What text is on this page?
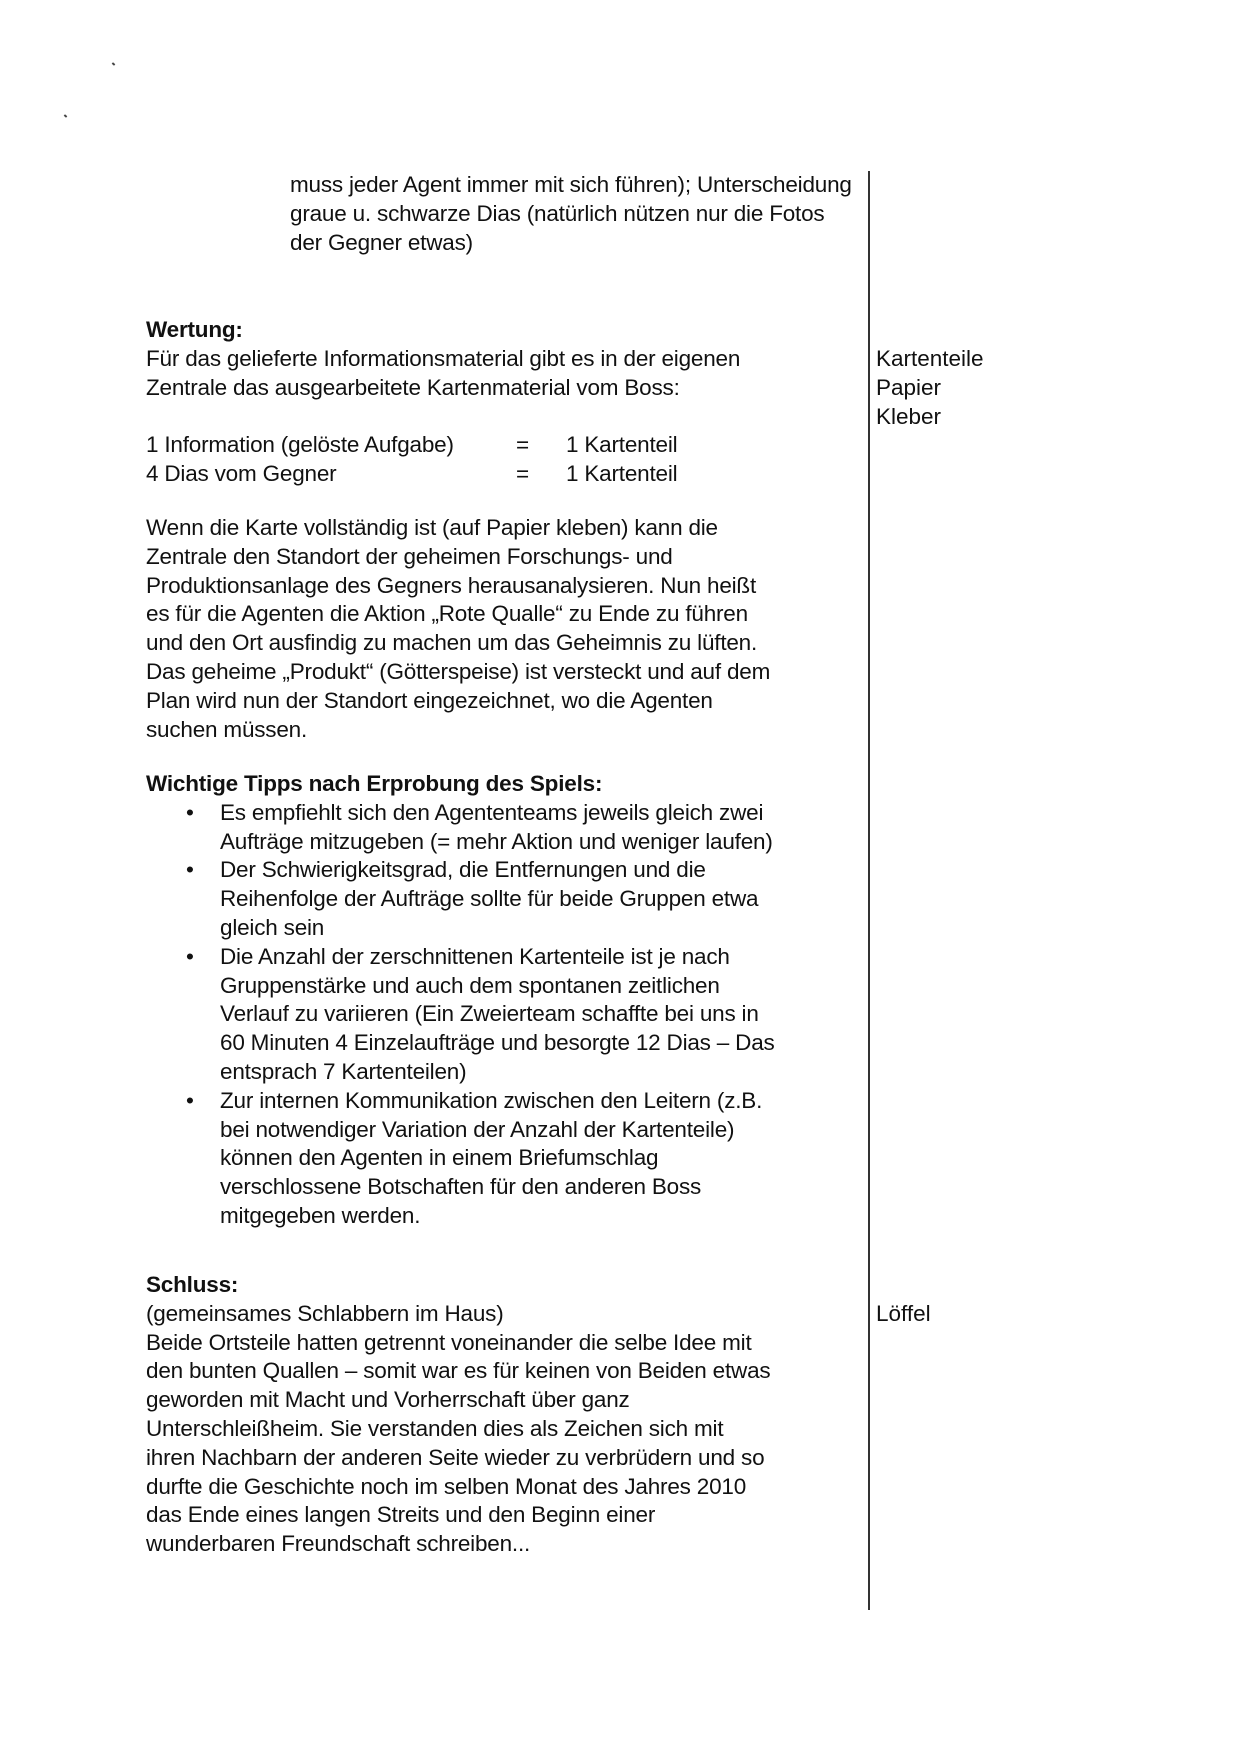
muss jeder Agent immer mit sich führen); Unterscheidung
graue u. schwarze Dias (natürlich nützen nur die Fotos
der Gegner etwas)
Wertung:
Für das gelieferte Informationsmaterial gibt es in der eigenen
Zentrale das ausgearbeitete Kartenmaterial vom Boss:
1 Information (gelöste Aufgabe)	=	1 Kartenteil
4 Dias vom Gegner	=	1 Kartenteil
Wenn die Karte vollständig ist (auf Papier kleben) kann die
Zentrale den Standort der geheimen Forschungs- und
Produktionsanlage des Gegners herausanalysieren. Nun heißt
es für die Agenten die Aktion „Rote Qualle“ zu Ende zu führen
und den Ort ausfindig zu machen um das Geheimnis zu lüften.
Das geheime „Produkt“ (Götterspeise) ist versteckt und auf dem
Plan wird nun der Standort eingezeichnet, wo die Agenten
suchen müssen.
Wichtige Tipps nach Erprobung des Spiels:
• Es empfiehlt sich den Agententeams jeweils gleich zwei
Aufträge mitzugeben (= mehr Aktion und weniger laufen)
• Der Schwierigkeitsgrad, die Entfernungen und die
Reihenfolge der Aufträge sollte für beide Gruppen etwa
gleich sein
• Die Anzahl der zerschnittenen Kartenteile ist je nach
Gruppenstärke und auch dem spontanen zeitlichen
Verlauf zu variieren (Ein Zweierteam schaffte bei uns in
60 Minuten 4 Einzelaufträge und besorgte 12 Dias – Das
entsprach 7 Kartenteilen)
• Zur internen Kommunikation zwischen den Leitern (z.B.
bei notwendiger Variation der Anzahl der Kartenteile)
können den Agenten in einem Briefumschlag
verschlossene Botschaften für den anderen Boss
mitgegeben werden.
Schluss:
(gemeinsames Schlabbern im Haus)
Beide Ortsteile hatten getrennt voneinander die selbe Idee mit
den bunten Quallen – somit war es für keinen von Beiden etwas
geworden mit Macht und Vorherrschaft über ganz
Unterschleißheim. Sie verstanden dies als Zeichen sich mit
ihren Nachbarn der anderen Seite wieder zu verbrüdern und so
durfte die Geschichte noch im selben Monat des Jahres 2010
das Ende eines langen Streits und den Beginn einer
wunderbaren Freundschaft schreiben...
Kartenteile
Papier
Kleber
Löffel
